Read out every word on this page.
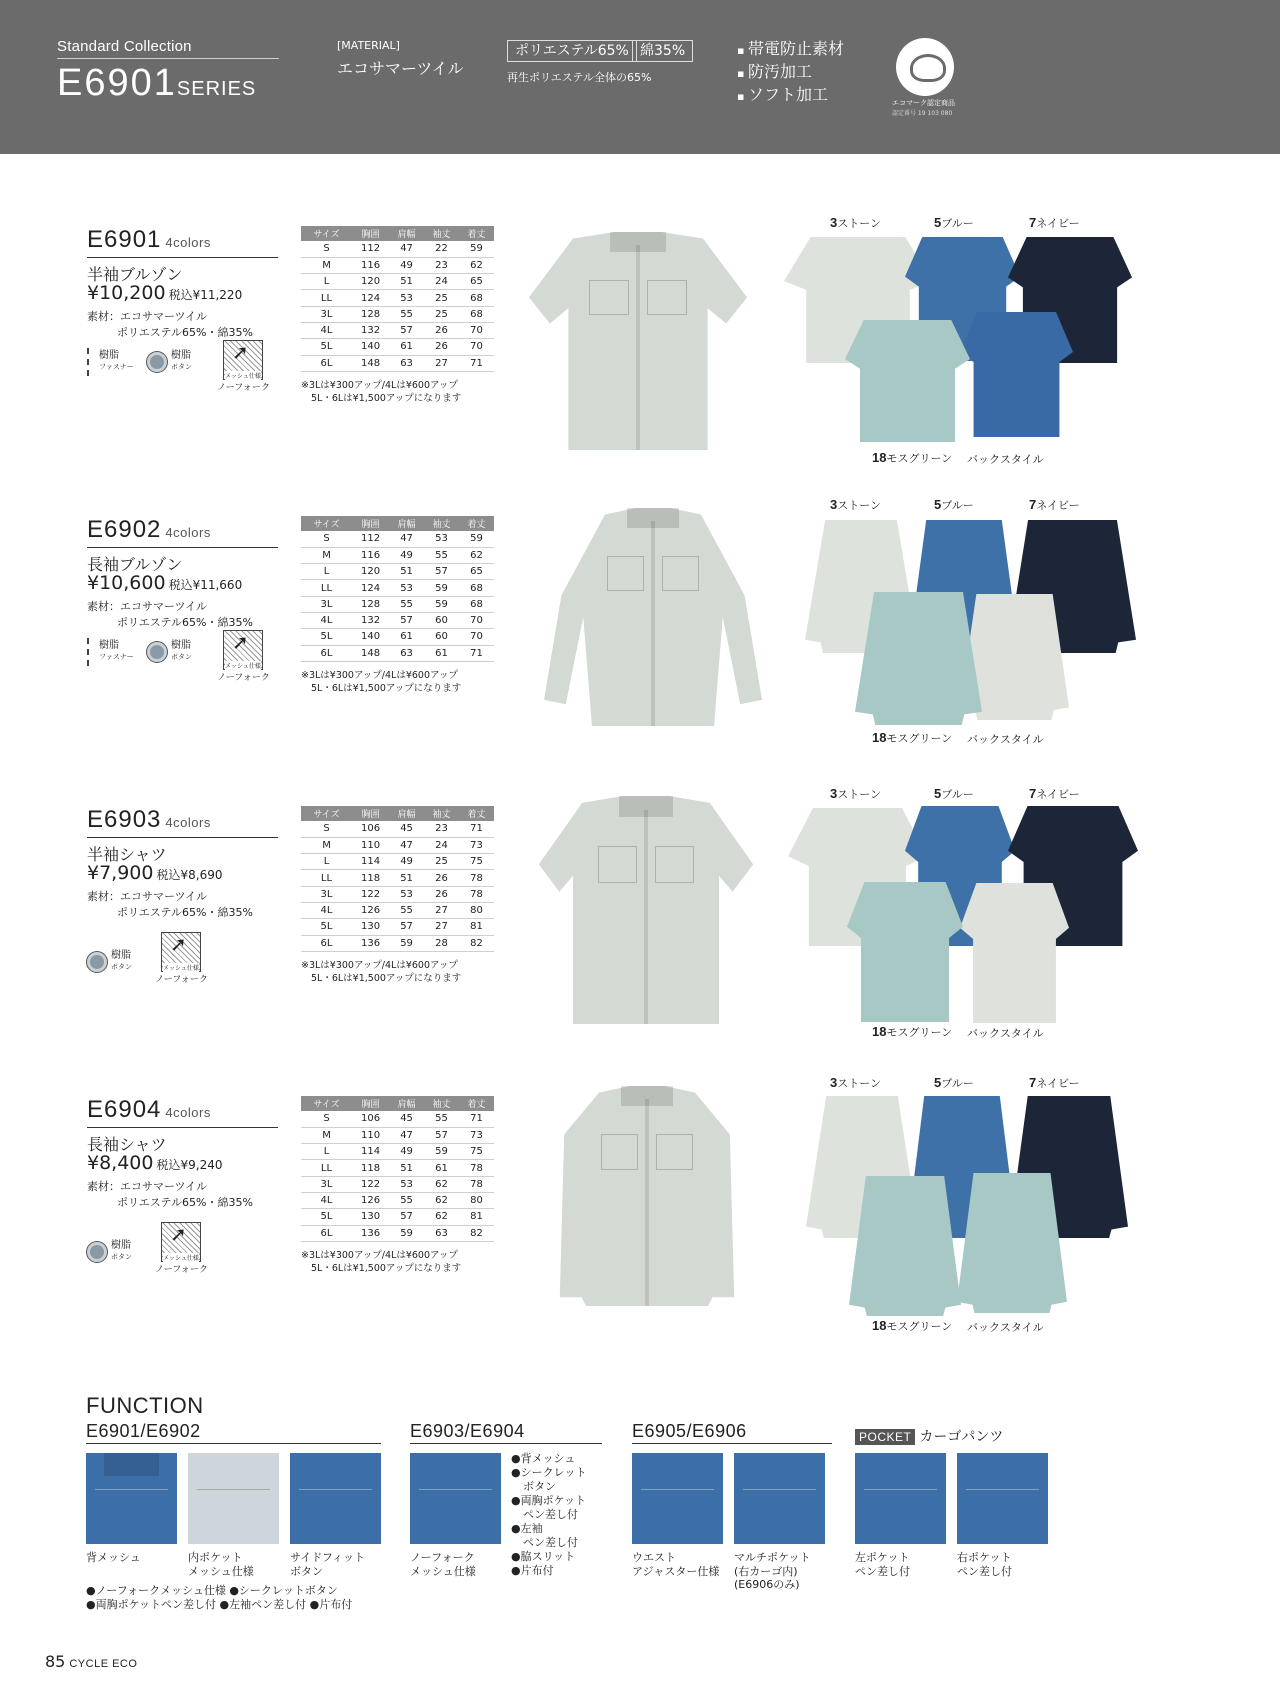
Standard Collection
E6901SERIES
[MATERIAL]
エコサマーツイル
ポリエステル65% 綿35%
再生ポリエステル全体の65%
▪ 帯電防止素材
▪ 防汚加工
▪ ソフト加工	エコマーク認定商品
認定番号 19 103 080
E6901 4colors
半袖ブルゾン
¥10,200 税込¥11,220
素材：エコサマーツイル
ポリエステル65%・綿35%
樹脂
ファスナー
樹脂
ボタン
➚
メッシュ仕様
ノーフォーク
サイズ	胸囲	肩幅	袖丈	着丈
S	112	47	22	59
M	116	49	23	62
L	120	51	24	65
LL	124	53	25	68
3L	128	55	25	68
4L	132	57	26	70
5L	140	61	26	70
6L	148	63	27	71
※3Lは¥300アップ/4Lは¥600アップ
5L・6Lは¥1,500アップになります
3ストーン	5ブルー	7ネイビー
18モスグリーン バックスタイル
E6902 4colors
長袖ブルゾン
¥10,600 税込¥11,660
素材：エコサマーツイル
ポリエステル65%・綿35%
樹脂
ファスナー
樹脂
ボタン
➚
メッシュ仕様
ノーフォーク
サイズ	胸囲	肩幅	袖丈	着丈
S	112	47	53	59
M	116	49	55	62
L	120	51	57	65
LL	124	53	59	68
3L	128	55	59	68
4L	132	57	60	70
5L	140	61	60	70
6L	148	63	61	71
※3Lは¥300アップ/4Lは¥600アップ
5L・6Lは¥1,500アップになります
3ストーン	5ブルー	7ネイビー
18モスグリーン バックスタイル
E6903 4colors
半袖シャツ
¥7,900 税込¥8,690
素材：エコサマーツイル
ポリエステル65%・綿35%
樹脂
ボタン
➚
メッシュ仕様
ノーフォーク
サイズ	胸囲	肩幅	袖丈	着丈
S	106	45	23	71
M	110	47	24	73
L	114	49	25	75
LL	118	51	26	78
3L	122	53	26	78
4L	126	55	27	80
5L	130	57	27	81
6L	136	59	28	82
※3Lは¥300アップ/4Lは¥600アップ
5L・6Lは¥1,500アップになります
3ストーン	5ブルー	7ネイビー
18モスグリーン バックスタイル
E6904 4colors
長袖シャツ
¥8,400 税込¥9,240
素材：エコサマーツイル
ポリエステル65%・綿35%
樹脂
ボタン
➚
メッシュ仕様
ノーフォーク
サイズ	胸囲	肩幅	袖丈	着丈
S	106	45	55	71
M	110	47	57	73
L	114	49	59	75
LL	118	51	61	78
3L	122	53	62	78
4L	126	55	62	80
5L	130	57	62	81
6L	136	59	63	82
※3Lは¥300アップ/4Lは¥600アップ
5L・6Lは¥1,500アップになります
3ストーン	5ブルー	7ネイビー
18モスグリーン バックスタイル
FUNCTION
E6901/E6902	E6903/E6904	E6905/E6906	POCKET カーゴパンツ
背メッシュ	内ポケット
メッシュ仕様
サイドフィット
ボタン
ノーフォーク
メッシュ仕様
ウエスト
アジャスター仕様
マルチポケット
(右カーゴ内)
(E6906のみ)
左ポケット
ペン差し付
右ポケット
ペン差し付
●ノーフォークメッシュ仕様 ●シークレットボタン
●両胸ポケットペン差し付 ●左袖ペン差し付 ●片布付
●背メッシュ
●シークレット
ボタン
●両胸ポケット
ペン差し付
●左袖
ペン差し付
●脇スリット
●片布付
85 CYCLE ECO
